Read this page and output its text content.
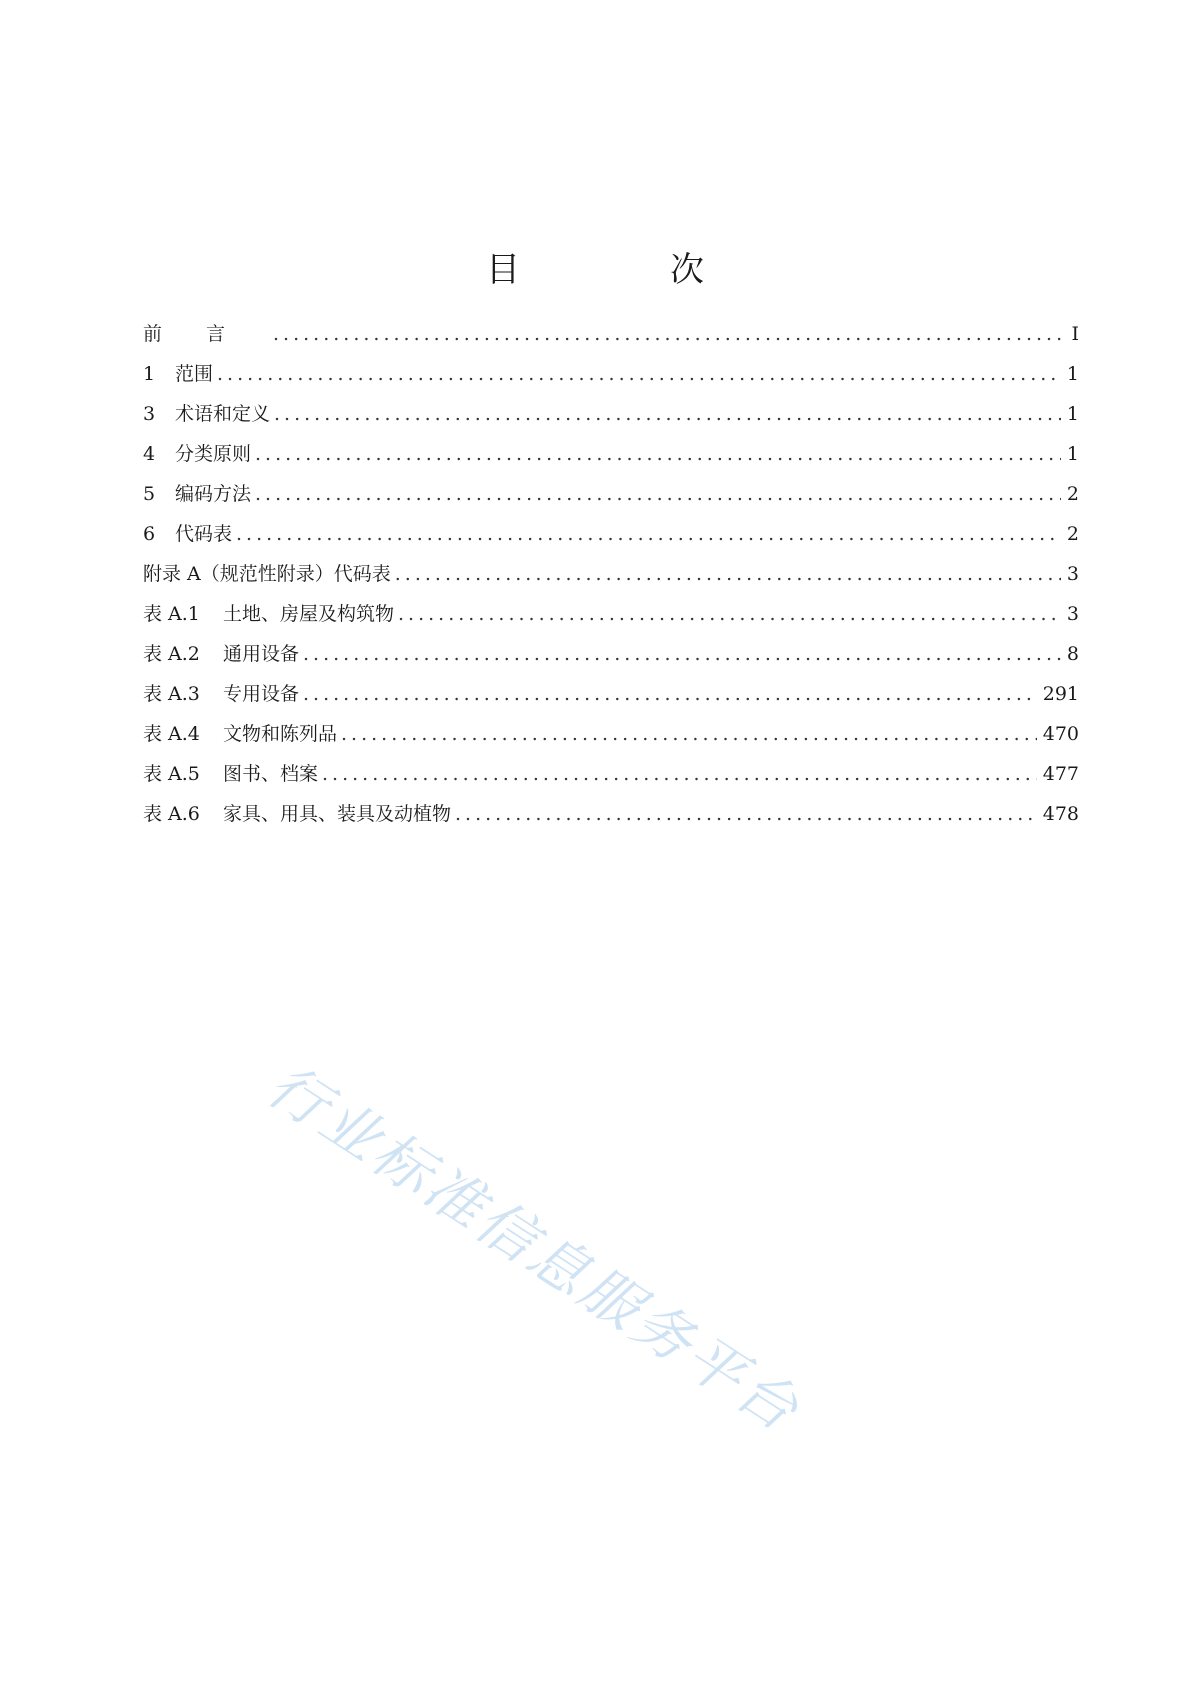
目　次
前言 .....	I
1	范围 .....	1
3	术语和定义 .....	1
4	分类原则 .....	1
5	编码方法 .....	2
6	代码表 .....	2
附录 A（规范性附录）代码表 .....	3
表 A.1	土地、房屋及构筑物 .....	3
表 A.2	通用设备 .....	8
表 A.3	专用设备 .....	291
表 A.4	文物和陈列品 .....	470
表 A.5	图书、档案 .....	477
表 A.6	家具、用具、装具及动植物 .....	478
行业标准信息服务平台
